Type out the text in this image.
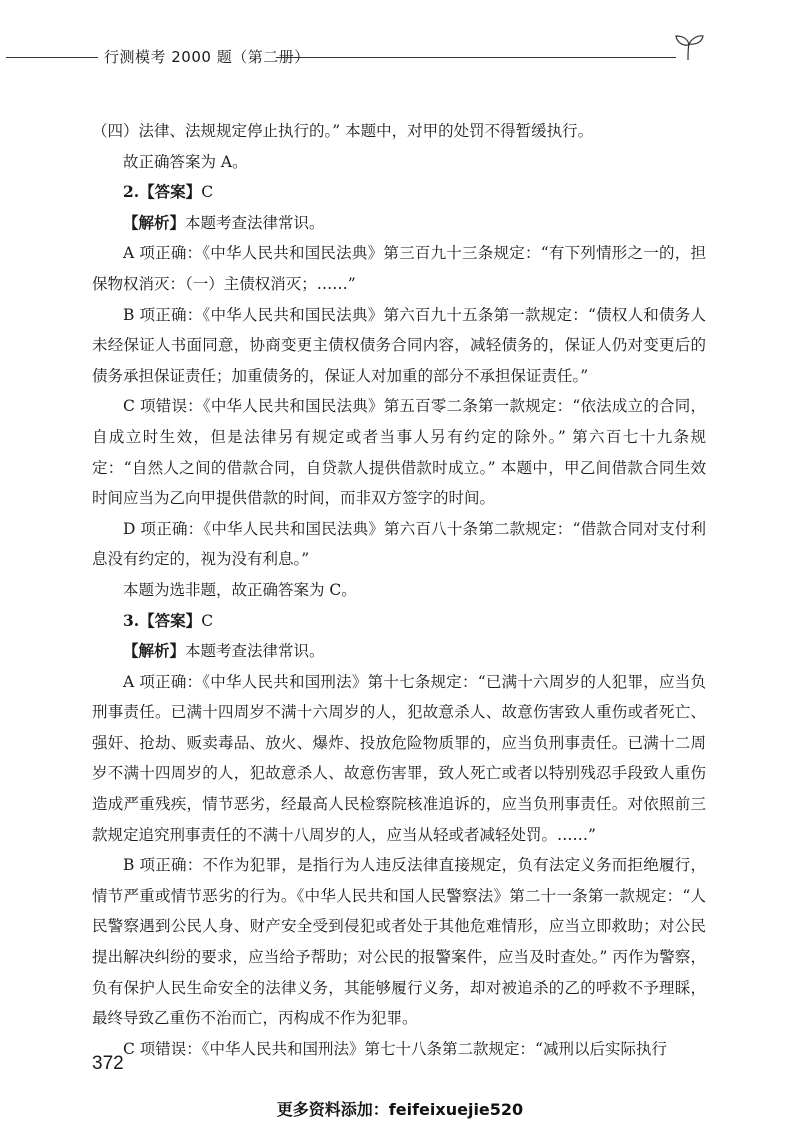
行测模考 2000 题（第二册）

（四）法律、法规规定停止执行的。” 本题中，对甲的处罚不得暂缓执行。

故正确答案为 A。

2.【答案】C

【解析】本题考查法律常识。

A 项正确：《中华人民共和国民法典》第三百九十三条规定：“有下列情形之一的，担保物权消灭：（一）主债权消灭；……”

B 项正确：《中华人民共和国民法典》第六百九十五条第一款规定：“债权人和债务人未经保证人书面同意，协商变更主债权债务合同内容，减轻债务的，保证人仍对变更后的债务承担保证责任；加重债务的，保证人对加重的部分不承担保证责任。”

C 项错误：《中华人民共和国民法典》第五百零二条第一款规定：“依法成立的合同，自成立时生效，但是法律另有规定或者当事人另有约定的除外。” 第六百七十九条规定：“自然人之间的借款合同，自贷款人提供借款时成立。” 本题中，甲乙间借款合同生效时间应当为乙向甲提供借款的时间，而非双方签字的时间。

D 项正确：《中华人民共和国民法典》第六百八十条第二款规定：“借款合同对支付利息没有约定的，视为没有利息。”

本题为选非题，故正确答案为 C。

3.【答案】C

【解析】本题考查法律常识。

A 项正确：《中华人民共和国刑法》第十七条规定：“已满十六周岁的人犯罪，应当负刑事责任。已满十四周岁不满十六周岁的人，犯故意杀人、故意伤害致人重伤或者死亡、强奸、抢劫、贩卖毒品、放火、爆炸、投放危险物质罪的，应当负刑事责任。已满十二周岁不满十四周岁的人，犯故意杀人、故意伤害罪，致人死亡或者以特别残忍手段致人重伤造成严重残疾，情节恶劣，经最高人民检察院核准追诉的，应当负刑事责任。对依照前三款规定追究刑事责任的不满十八周岁的人，应当从轻或者减轻处罚。……”

B 项正确：不作为犯罪，是指行为人违反法律直接规定，负有法定义务而拒绝履行，情节严重或情节恶劣的行为。《中华人民共和国人民警察法》第二十一条第一款规定：“人民警察遇到公民人身、财产安全受到侵犯或者处于其他危难情形，应当立即救助；对公民提出解决纠纷的要求，应当给予帮助；对公民的报警案件，应当及时查处。” 丙作为警察，负有保护人民生命安全的法律义务，其能够履行义务，却对被追杀的乙的呼救不予理睬，最终导致乙重伤不治而亡，丙构成不作为犯罪。

C 项错误：《中华人民共和国刑法》第七十八条第二款规定：“减刑以后实际执行

372
更多资料添加：feifeixuejie520
